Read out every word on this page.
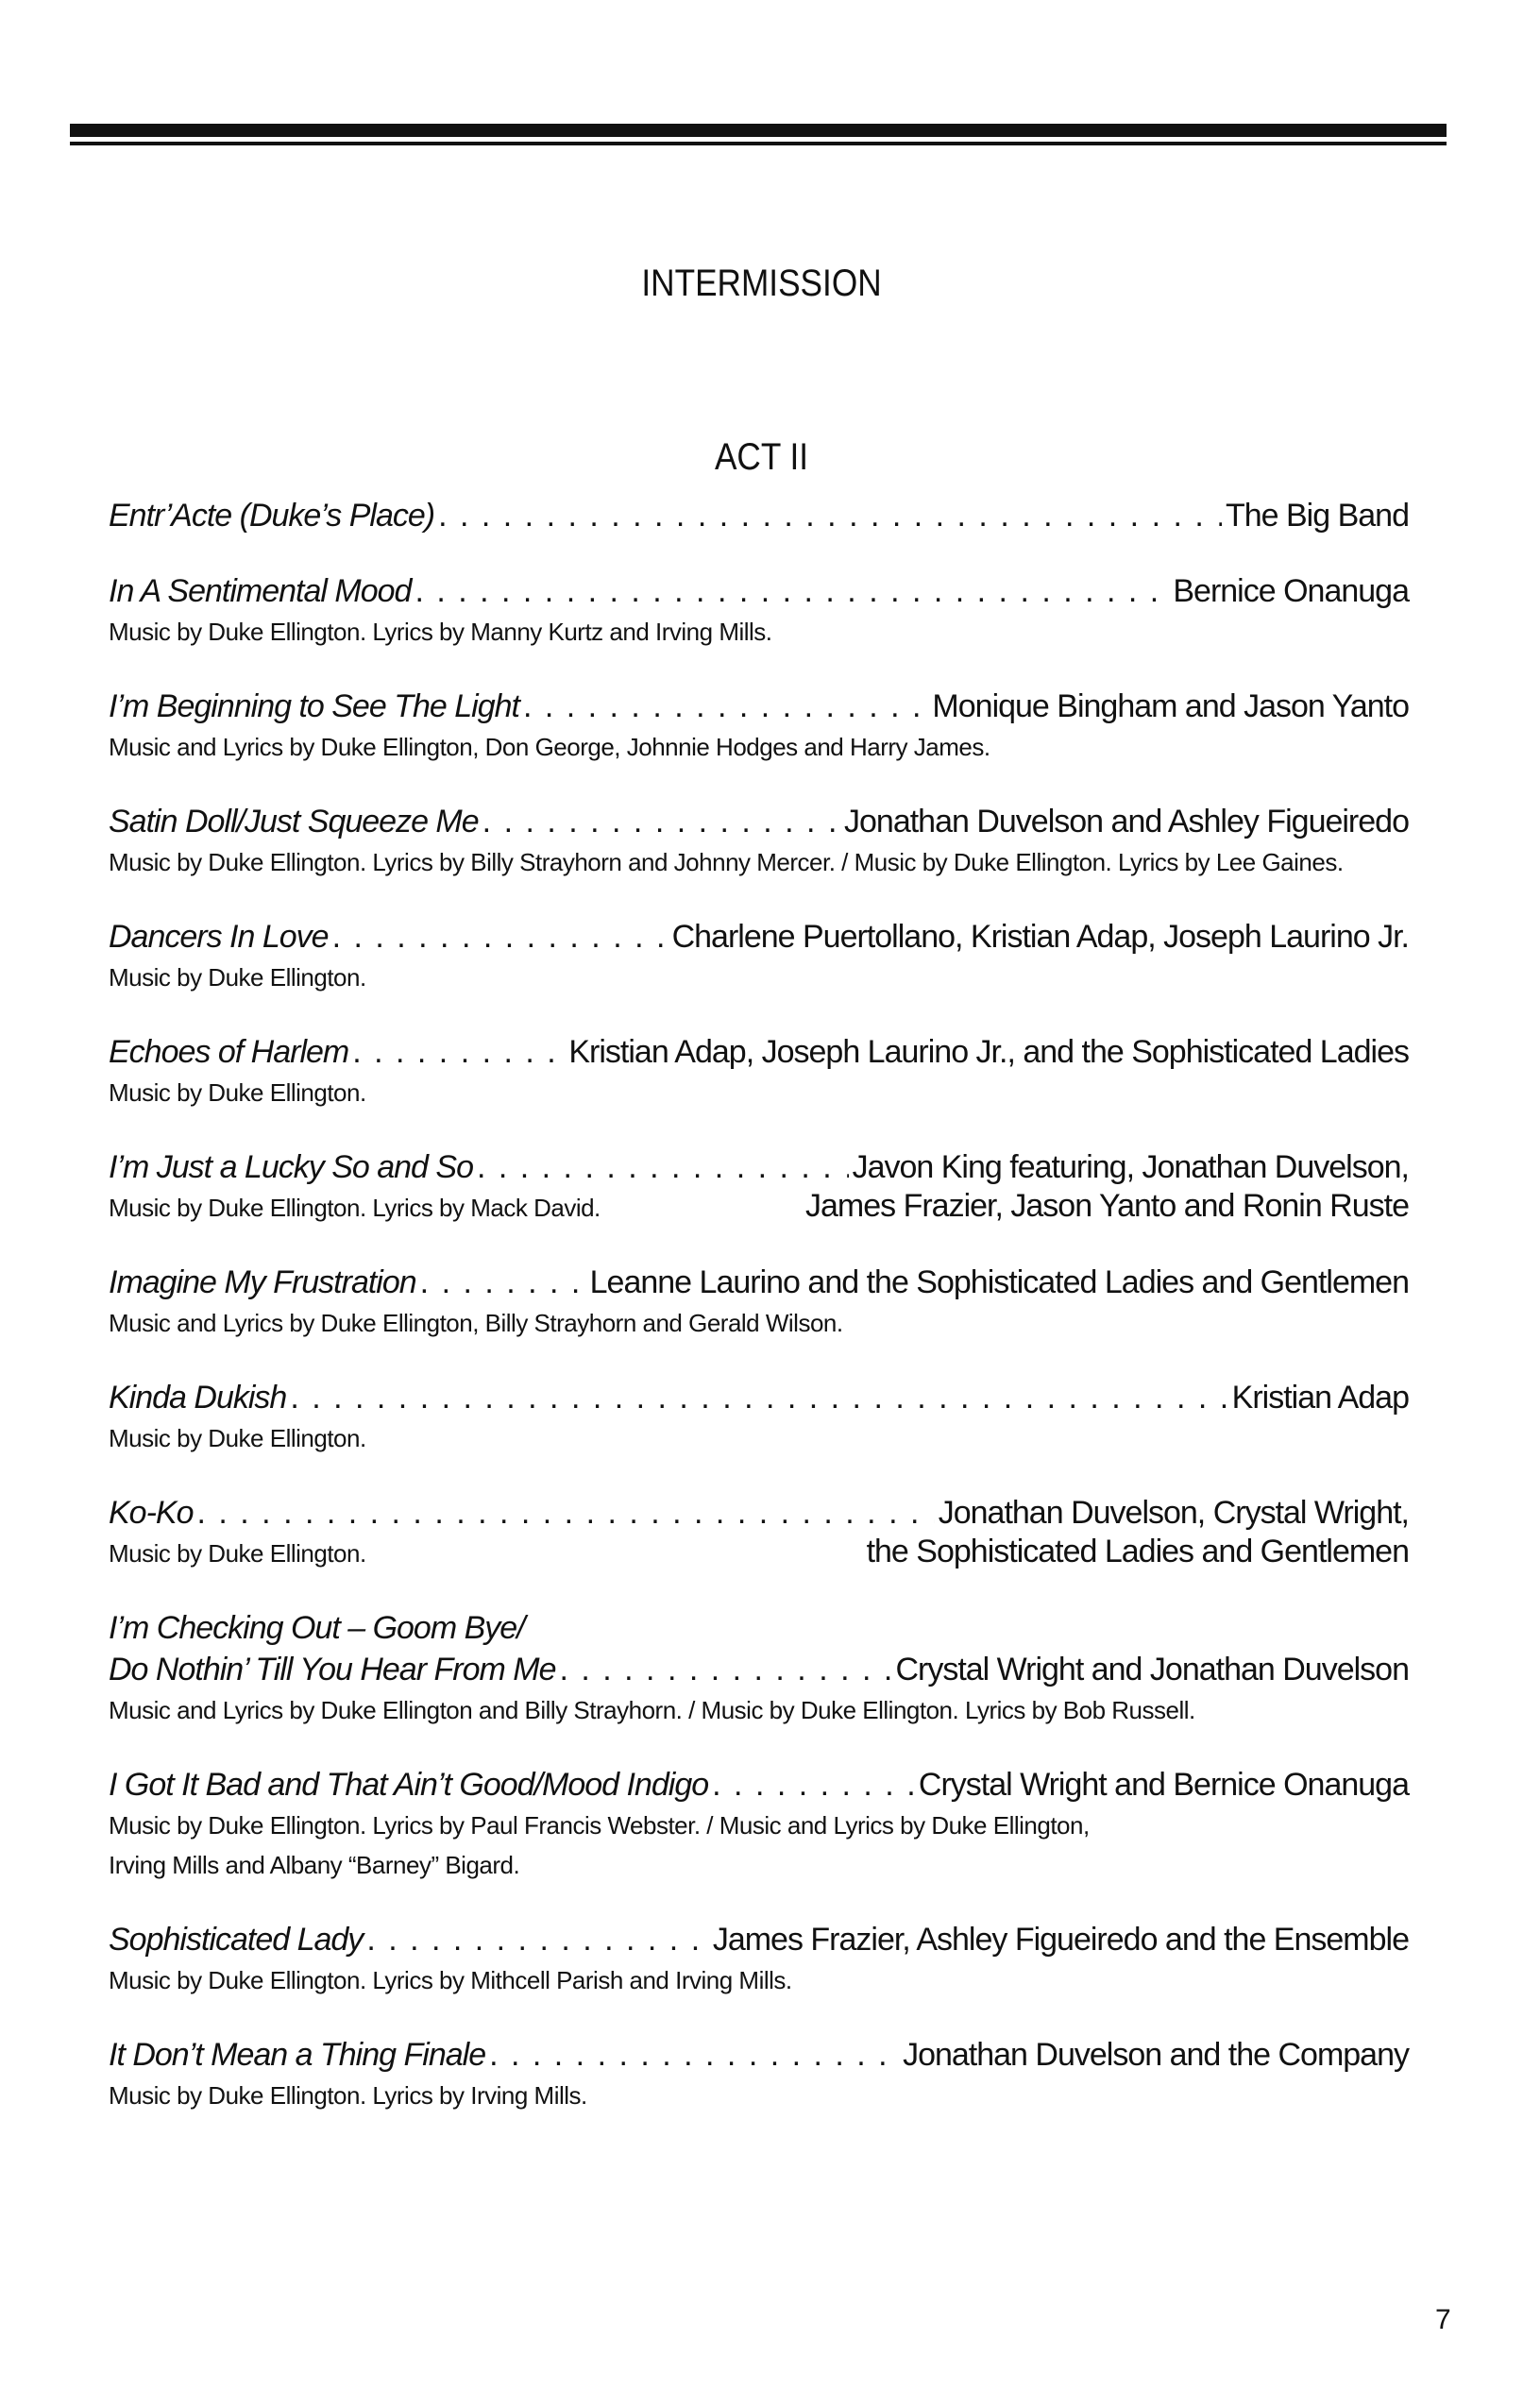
INTERMISSION
ACT II
Entr’Acte (Duke’s Place) . . .	The Big Band
In A Sentimental Mood . . .	Bernice Onanuga
Music by Duke Ellington. Lyrics by Manny Kurtz and Irving Mills.
I’m Beginning to See The Light . . .	Monique Bingham and Jason Yanto
Music and Lyrics by Duke Ellington, Don George, Johnnie Hodges and Harry James.
Satin Doll/Just Squeeze Me . . .	Jonathan Duvelson and Ashley Figueiredo
Music by Duke Ellington. Lyrics by Billy Strayhorn and Johnny Mercer. / Music by Duke Ellington. Lyrics by Lee Gaines.
Dancers In Love . . .	Charlene Puertollano, Kristian Adap, Joseph Laurino Jr.
Music by Duke Ellington.
Echoes of Harlem . . .	Kristian Adap, Joseph Laurino Jr., and the Sophisticated Ladies
Music by Duke Ellington.
I’m Just a Lucky So and So . . .	Javon King featuring, Jonathan Duvelson,
Music by Duke Ellington. Lyrics by Mack David.	James Frazier, Jason Yanto and Ronin Ruste
Imagine My Frustration . . .	Leanne Laurino and the Sophisticated Ladies and Gentlemen
Music and Lyrics by Duke Ellington, Billy Strayhorn and Gerald Wilson.
Kinda Dukish . . .	Kristian Adap
Music by Duke Ellington.
Ko-Ko . . .	Jonathan Duvelson, Crystal Wright,
Music by Duke Ellington.	the Sophisticated Ladies and Gentlemen
I’m Checking Out – Goom Bye/
Do Nothin’ Till You Hear From Me . . .	Crystal Wright and Jonathan Duvelson
Music and Lyrics by Duke Ellington and Billy Strayhorn. / Music by Duke Ellington. Lyrics by Bob Russell.
I Got It Bad and That Ain’t Good/Mood Indigo . . .	Crystal Wright and Bernice Onanuga
Music by Duke Ellington. Lyrics by Paul Francis Webster. / Music and Lyrics by Duke Ellington,
Irving Mills and Albany “Barney” Bigard.
Sophisticated Lady . . .	James Frazier, Ashley Figueiredo and the Ensemble
Music by Duke Ellington. Lyrics by Mithcell Parish and Irving Mills.
It Don’t Mean a Thing Finale . . .	Jonathan Duvelson and the Company
Music by Duke Ellington. Lyrics by Irving Mills.
7
